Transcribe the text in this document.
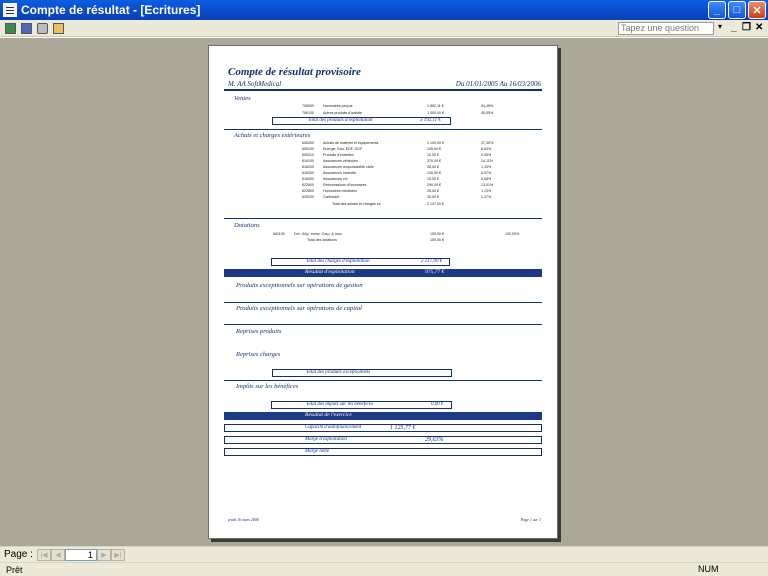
Compte de résultat - [Ecritures]	_	□	✕
Tapez une question	▾ _ ❐ ✕
Compte de résultat provisoire
M. AA SoftMedical	Du 01/01/2005 Au 16/03/2006
Ventes
706000	Honoraires perçus	1 892,11 €	54,45%
706100	Autres produits d'activité	1 300,00 €	45,55%
Total des produits d'exploitation	3 192,11 €
Achats et charges extérieures
606300	Achats de matériel et équipements	1 100,00 €	37,30%
606100	Energie, Eau, EDF, GDF	145,00 €	6,83%
606310	Produits d'entretien	10,00 €	0,45%
616100	Assurances véhicules	370,00 €	14,11%
616200	Assurances responsabilité civile	28,00 €	1,13%
616300	Assurances incendie	130,00 €	6,07%
616400	Assurances vol	15,00 €	0,68%
622600	Rétrocessions d'honoraires	290,00 €	13,01%
622800	Honoraires médecins	25,00 €	1,13%
625200	Carburant	30,00 €	1,37%
Total des achats et charges ex.	2 147,00 €
Dotations
681100	Dot. d'Ap. Immo. Corp. & Inco.	150,00 €	100,00%
Total des dotations	150,00 €
Total des charges d'exploitation	2 217,00 €
Résultat d'exploitation	975,77 €
Produits exceptionnels sur opérations de gestion
Produits exceptionnels sur opérations de capital
Reprises produits
Reprises charges
Total des produits exceptionnels
Impôts sur les bénéfices
Total des impôts sur les bénéfices	0,00 €
Résultat de l'exercice
Capacité d'autofinancement	1 125,77 €
Marge d'exploitation	29,63%
Marge nette
jeudi 16 mars 2006	Page 1 sur 1
Page :	|◀	◀	1	▶	▶|
Prêt	NUM
